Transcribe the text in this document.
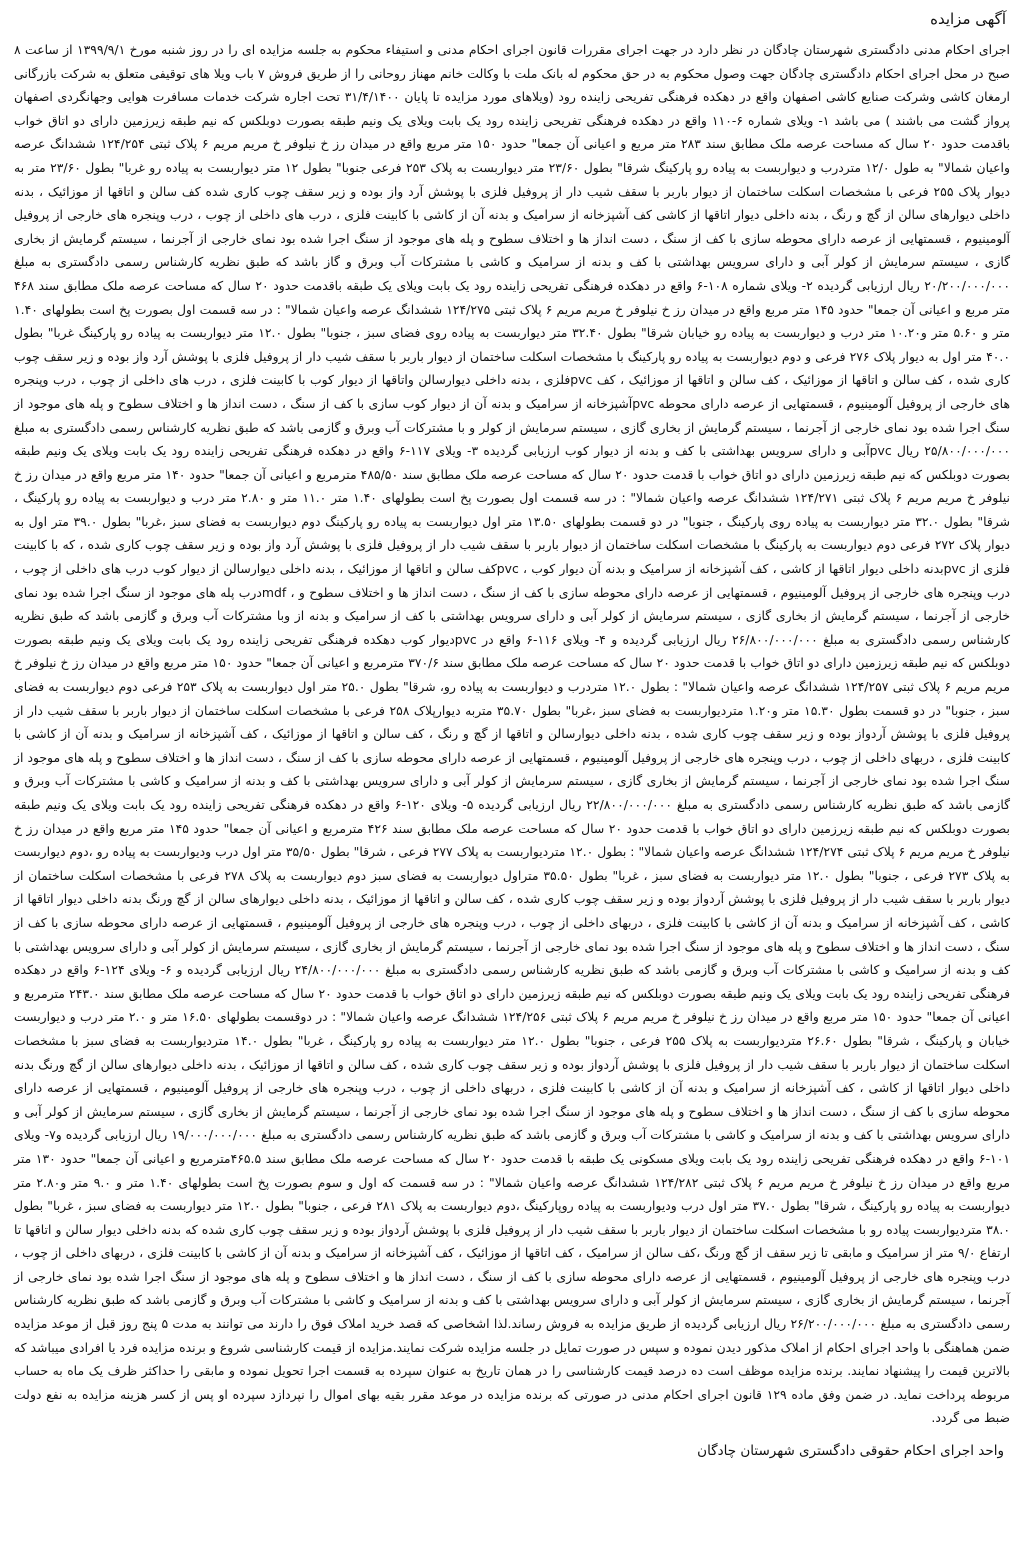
آگهی مزایده

اجرای احکام مدنی دادگستری شهرستان چادگان در نظر دارد در جهت اجرای مقررات قانون اجرای احکام مدنی و استیفاء محکوم به جلسه مزایده ای را در روز شنبه مورخ ۱۳۹۹/۹/۱ از ساعت ۸ صبح در محل اجرای احکام دادگستری چادگان جهت وصول محکوم به در حق محکوم له بانک ملت با وکالت خانم مهناز روحانی را از طریق فروش ۷ باب ویلا های توقیفی متعلق به شرکت بازرگانی ارمغان کاشی وشرکت صنایع کاشی اصفهان واقع در دهکده فرهنگی تفریحی زاینده رود (ویلاهای مورد مزایده تا پایان ۳۱/۴/۱۴۰۰ تحت اجاره شرکت خدمات مسافرت هوایی وجهانگردی اصفهان پرواز گشت می باشند ) می باشد ۱- ویلای شماره ۶-۱۱۰ واقع در دهکده فرهنگی تفریحی زاینده رود یک بابت ویلای یک ونیم طبقه بصورت دوبلکس که نیم طبقه زیرزمین دارای دو اتاق خواب باقدمت حدود ۲۰ سال که مساحت عرصه ملک مطابق سند ۲۸۳ متر مربع و اعیانی آن جمعا" حدود ۱۵۰ متر مربع واقع در میدان رز خ نیلوفر خ مریم مریم ۶ پلاک ثبتی ۱۲۴/۲۵۴ ششدانگ عرصه واعیان شمالا" به طول ۱۲/۰ متردرب و دیواربست به پیاده رو پارکینگ شرقا" بطول ۲۳/۶۰ متر دیواربست به پلاک ۲۵۳ فرعی جنوبا" بطول ۱۲ متر دیواربست به پیاده رو غربا" بطول ۲۳/۶۰ متر به دیوار پلاک ۲۵۵ فرعی با مشخصات اسکلت ساختمان از دیوار باربر با سقف شیب دار از پروفیل فلزی با پوشش آرد واز بوده و زیر سقف چوب کاری شده کف سالن و اتاقها از موزائیک ، بدنه داخلی دیوارهای سالن از گچ و رنگ ، بدنه داخلی دیوار اتاقها از کاشی کف آشپزخانه از سرامیک و بدنه آن از کاشی با کابینت فلزی ، درب های داخلی از چوب ، درب وپنجره های خارجی از پروفیل آلومینیوم ، قسمتهایی از عرصه دارای محوطه سازی با کف از سنگ ، دست انداز ها و اختلاف سطوح و پله های موجود از سنگ اجرا شده بود نمای خارجی از آجرنما ، سیستم گرمایش از بخاری گازی ، سیستم سرمایش از کولر آبی و دارای سرویس بهداشتی با کف و بدنه از سرامیک و کاشی با مشترکات آب وبرق و گاز باشد که طبق نظریه کارشناس رسمی دادگستری به مبلغ ۲۰/۲۰۰/۰۰۰/۰۰۰ ریال ارزیابی گردیده ۲- ویلای شماره ۱۰۸-۶ واقع در دهکده فرهنگی تفریحی زاینده رود یک بابت ویلای یک طبقه باقدمت حدود ۲۰ سال که مساحت عرصه ملک مطابق سند ۴۶۸ متر مربع و اعیانی آن جمعا" حدود ۱۴۵ متر مربع واقع در میدان رز خ نیلوفر خ مریم مریم ۶ پلاک ثبتی ۱۲۴/۲۷۵ ششدانگ عرصه واعیان شمالا" : در سه قسمت اول بصورت پخ است بطولهای ۱.۴۰ متر و ۵.۶۰ متر و۱۰.۲۰ متر درب و دیواربست به پیاده رو خیابان شرقا" بطول ۳۲.۴۰ متر دیواربست به پیاده روی فضای سبز ، جنوبا" بطول ۱۲.۰ متر دیواربست به پیاده رو پارکینگ غربا" بطول ۴۰.۰ متر اول به دیوار پلاک ۲۷۶ فرعی و دوم دیواربست به پیاده رو پارکینگ با مشخصات اسکلت ساختمان از دیوار باربر با سقف شیب دار از پروفیل فلزی با پوشش آرد واز بوده و زیر سقف چوب کاری شده ، کف سالن و اتاقها از موزائیک ، کف سالن و اتاقها از موزائیک ، کف pvcفلزی ، بدنه داخلی دیوارسالن واتاقها از دیوار کوب با کابینت فلزی ، درب های داخلی از چوب ، درب وپنجره های خارجی از پروفیل آلومینیوم ، قسمتهایی از عرصه دارای محوطه pvcآشپزخانه از سرامیک و بدنه آن از دیوار کوب سازی با کف از سنگ ، دست انداز ها و اختلاف سطوح و پله های موجود از سنگ اجرا شده بود نمای خارجی از آجرنما ، سیستم گرمایش از بخاری گازی ، سیستم سرمایش از کولر و با مشترکات آب وبرق و گازمی باشد که طبق نظریه کارشناس رسمی دادگستری به مبلغ ۲۵/۸۰۰/۰۰۰/۰۰۰ ریال pvcآبی و دارای سرویس بهداشتی با کف و بدنه از دیوار کوب ارزیابی گردیده ۳- ویلای ۱۱۷-۶ واقع در دهکده فرهنگی تفریحی زاینده رود یک بابت ویلای یک ونیم طبقه بصورت دوبلکس که نیم طبقه زیرزمین دارای دو اتاق خواب با قدمت حدود ۲۰ سال که مساحت عرصه ملک مطابق سند ۴۸۵/۵۰ مترمربع و اعیانی آن جمعا" حدود ۱۴۰ متر مربع واقع در میدان رز خ نیلوفر خ مریم مریم ۶ پلاک ثبتی ۱۲۴/۲۷۱ ششدانگ عرصه واعیان شمالا" : در سه قسمت اول بصورت پخ است بطولهای ۱.۴۰ متر ۱۱.۰ متر و ۲.۸۰ متر درب و دیواربست به پیاده رو پارکینگ ، شرقا" بطول ۳۲.۰ متر دیواربست به پیاده روی پارکینگ ، جنوبا" در دو قسمت بطولهای ۱۳.۵۰ متر اول دیواربست به پیاده رو پارکینگ دوم دیواربست به فضای سبز ،غربا" بطول ۳۹.۰ متر اول به دیوار پلاک ۲۷۲ فرعی دوم دیواربست به پارکینگ با مشخصات اسکلت ساختمان از دیوار باربر با سقف شیب دار از پروفیل فلزی با پوشش آرد واز بوده و زیر سقف چوب کاری شده ، که با کابینت فلزی از pvcبدنه داخلی دیوار اتاقها از کاشی ، کف آشپزخانه از سرامیک و بدنه آن دیوار کوب ، pvcکف سالن و اتاقها از موزائیک ، بدنه داخلی دیوارسالن از دیوار کوب درب های داخلی از چوب ، درب وپنجره های خارجی از پروفیل آلومینیوم ، قسمتهایی از عرصه دارای محوطه سازی با کف از سنگ ، دست انداز ها و اختلاف سطوح و ، mdfدرب پله های موجود از سنگ اجرا شده بود نمای خارجی از آجرنما ، سیستم گرمایش از بخاری گازی ، سیستم سرمایش از کولر آبی و دارای سرویس بهداشتی با کف از سرامیک و بدنه از وبا مشترکات آب وبرق و گازمی باشد که طبق نظریه کارشناس رسمی دادگستری به مبلغ ۲۶/۸۰۰/۰۰۰/۰۰۰ ریال ارزیابی گردیده و ۴- ویلای ۱۱۶-۶ واقع در pvcدیوار کوب دهکده فرهنگی تفریحی زاینده رود یک بابت ویلای یک ونیم طبقه بصورت دوبلکس که نیم طبقه زیرزمین دارای دو اتاق خواب با قدمت حدود ۲۰ سال که مساحت عرصه ملک مطابق سند ۳۷۰/۶ مترمربع و اعیانی آن جمعا" حدود ۱۵۰ متر مربع واقع در میدان رز خ نیلوفر خ مریم مریم ۶ پلاک ثبتی ۱۲۴/۲۵۷ ششدانگ عرصه واعیان شمالا" : بطول ۱۲.۰ متردرب و دیواربست به پیاده رو، شرقا" بطول ۲۵.۰ متر اول دیواربست به پلاک ۲۵۳ فرعی دوم دیواربست به فضای سبز ، جنوبا" در دو قسمت بطول ۱۵.۳۰ متر و۱.۲۰ متردیواربست به فضای سبز ،غربا" بطول ۳۵.۷۰ متربه دیوارپلاک ۲۵۸ فرعی با مشخصات اسکلت ساختمان از دیوار باربر با سقف شیب دار از پروفیل فلزی با پوشش آردواز بوده و زیر سقف چوب کاری شده ، بدنه داخلی دیوارسالن و اتاقها از گچ و رنگ ، کف سالن و اتاقها از موزائیک ، کف آشپزخانه از سرامیک و بدنه آن از کاشی با کابینت فلزی ، دربهای داخلی از چوب ، درب وپنجره های خارجی از پروفیل آلومینیوم ، قسمتهایی از عرصه دارای محوطه سازی با کف از سنگ ، دست انداز ها و اختلاف سطوح و پله های موجود از سنگ اجرا شده بود نمای خارجی از آجرنما ، سیستم گرمایش از بخاری گازی ، سیستم سرمایش از کولر آبی و دارای سرویس بهداشتی با کف و بدنه از سرامیک و کاشی با مشترکات آب وبرق و گازمی باشد که طبق نظریه کارشناس رسمی دادگستری به مبلغ ۲۲/۸۰۰/۰۰۰/۰۰۰ ریال ارزیابی گردیده ۵- ویلای ۱۲۰-۶ واقع در دهکده فرهنگی تفریحی زاینده رود یک بابت ویلای یک ونیم طبقه بصورت دوبلکس که نیم طبقه زیرزمین دارای دو اتاق خواب با قدمت حدود ۲۰ سال که مساحت عرصه ملک مطابق سند ۴۲۶ مترمربع و اعیانی آن جمعا" حدود ۱۴۵ متر مربع واقع در میدان رز خ نیلوفر خ مریم مریم ۶ پلاک ثبتی ۱۲۴/۲۷۴ ششدانگ عرصه واعیان شمالا" : بطول ۱۲.۰ متردیواربست به پلاک ۲۷۷ فرعی ، شرقا" بطول ۳۵/۵۰ متر اول درب ودیواربست به پیاده رو ،دوم دیواربست به پلاک ۲۷۳ فرعی ، جنوبا" بطول ۱۲.۰ متر دیواربست به فضای سبز ، غربا" بطول ۳۵.۵۰ متراول دیواربست به فضای سبز دوم دیواربست به پلاک ۲۷۸ فرعی با مشخصات اسکلت ساختمان از دیوار باربر با سقف شیب دار از پروفیل فلزی با پوشش آردواز بوده و زیر سقف چوب کاری شده ، کف سالن و اتاقها از موزائیک ، بدنه داخلی دیوارهای سالن از گچ ورنگ بدنه داخلی دیوار اتاقها از کاشی ، کف آشپزخانه از سرامیک و بدنه آن از کاشی با کابینت فلزی ، دربهای داخلی از چوب ، درب وپنجره های خارجی از پروفیل آلومینیوم ، قسمتهایی از عرصه دارای محوطه سازی با کف از سنگ ، دست انداز ها و اختلاف سطوح و پله های موجود از سنگ اجرا شده بود نمای خارجی از آجرنما ، سیستم گرمایش از بخاری گازی ، سیستم سرمایش از کولر آبی و دارای سرویس بهداشتی با کف و بدنه از سرامیک و کاشی با مشترکات آب وبرق و گازمی باشد که طبق نظریه کارشناس رسمی دادگستری به مبلغ ۲۴/۸۰۰/۰۰۰/۰۰۰ ریال ارزیابی گردیده و ۶- ویلای ۱۲۴-۶ واقع در دهکده فرهنگی تفریحی زاینده رود یک بابت ویلای یک ونیم طبقه بصورت دوبلکس که نیم طبقه زیرزمین دارای دو اتاق خواب با قدمت حدود ۲۰ سال که مساحت عرصه ملک مطابق سند ۲۴۳.۰ مترمربع و اعیانی آن جمعا" حدود ۱۵۰ متر مربع واقع در میدان رز خ نیلوفر خ مریم مریم ۶ پلاک ثبتی ۱۲۴/۲۵۶ ششدانگ عرصه واعیان شمالا" : در دوقسمت بطولهای ۱۶.۵۰ متر و ۲.۰ متر درب و دیواربست خیابان و پارکینگ ، شرقا" بطول ۲۶.۶۰ متردیواربست به پلاک ۲۵۵ فرعی ، جنوبا" بطول ۱۲.۰ متر دیواربست به پیاده رو پارکینگ ، غربا" بطول ۱۴.۰ متردیواربست به فضای سبز با مشخصات اسکلت ساختمان از دیوار باربر با سقف شیب دار از پروفیل فلزی با پوشش آردواز بوده و زیر سقف چوب کاری شده ، کف سالن و اتاقها از موزائیک ، بدنه داخلی دیوارهای سالن از گچ ورنگ بدنه داخلی دیوار اتاقها از کاشی ، کف آشپزخانه از سرامیک و بدنه آن از کاشی با کابینت فلزی ، دربهای داخلی از چوب ، درب وپنجره های خارجی از پروفیل آلومینیوم ، قسمتهایی از عرصه دارای محوطه سازی با کف از سنگ ، دست انداز ها و اختلاف سطوح و پله های موجود از سنگ اجرا شده بود نمای خارجی از آجرنما ، سیستم گرمایش از بخاری گازی ، سیستم سرمایش از کولر آبی و دارای سرویس بهداشتی با کف و بدنه از سرامیک و کاشی با مشترکات آب وبرق و گازمی باشد که طبق نظریه کارشناس رسمی دادگستری به مبلغ ۱۹/۰۰۰/۰۰۰/۰۰۰ ریال ارزیابی گردیده و۷- ویلای ۱۰۱-۶ واقع در دهکده فرهنگی تفریحی زاینده رود یک بابت ویلای مسکونی یک طبقه با قدمت حدود ۲۰ سال که مساحت عرصه ملک مطابق سند ۴۶۵.۵مترمربع و اعیانی آن جمعا" حدود ۱۳۰ متر مربع واقع در میدان رز خ نیلوفر خ مریم مریم ۶ پلاک ثبتی ۱۲۴/۲۸۲ ششدانگ عرصه واعیان شمالا" : در سه قسمت که اول و سوم بصورت پخ است بطولهای ۱.۴۰ متر و ۹.۰ متر و۲.۸۰ متر دیواربست به پیاده رو پارکینگ ، شرقا" بطول ۳۷.۰ متر اول درب ودیواربست به پیاده روپارکینگ ،دوم دیواربست به پلاک ۲۸۱ فرعی ، جنوبا" بطول ۱۲.۰ متر دیواربست به فضای سبز ، غربا" بطول ۳۸.۰ متردیواربست پیاده رو با مشخصات اسکلت ساختمان از دیوار باربر با سقف شیب دار از پروفیل فلزی با پوشش آردواز بوده و زیر سقف چوب کاری شده که بدنه داخلی دیوار سالن و اتاقها تا ارتفاع ۹/۰ متر از سرامیک و مابقی تا زیر سقف از گچ ورنگ ،کف سالن از سرامیک ، کف اتاقها از موزائیک ، کف آشپزخانه از سرامیک و بدنه آن از کاشی با کابینت فلزی ، دربهای داخلی از چوب ، درب وپنجره های خارجی از پروفیل آلومینیوم ، قسمتهایی از عرصه دارای محوطه سازی با کف از سنگ ، دست انداز ها و اختلاف سطوح و پله های موجود از سنگ اجرا شده بود نمای خارجی از آجرنما ، سیستم گرمایش از بخاری گازی ، سیستم سرمایش از کولر آبی و دارای سرویس بهداشتی با کف و بدنه از سرامیک و کاشی با مشترکات آب وبرق و گازمی باشد که طبق نظریه کارشناس رسمی دادگستری به مبلغ ۲۶/۲۰۰/۰۰۰/۰۰۰ ریال ارزیابی گردیده از طریق مزایده به فروش رساند.لذا اشخاصی که قصد خرید املاک فوق را دارند می توانند به مدت ۵ پنج روز قبل از موعد مزایده ضمن هماهنگی با واحد اجرای احکام از املاک مذکور دیدن نموده و سپس در صورت تمایل در جلسه مزایده شرکت نمایند.مزایده از قیمت کارشناسی شروع و برنده مزایده فرد یا افرادی میباشد که بالاترین قیمت را پیشنهاد نمایند. برنده مزایده موظف است ده درصد قیمت کارشناسی را در همان تاریخ به عنوان سپرده به قسمت اجرا تحویل نموده و مابقی را حداکثر ظرف یک ماه به حساب مربوطه پرداخت نماید. در ضمن وفق ماده ۱۲۹ قانون اجرای احکام مدنی در صورتی که برنده مزایده در موعد مقرر بقیه بهای اموال را نپردازد سپرده او پس از کسر هزینه مزایده به نفع دولت ضبط می گردد.

واحد اجرای احکام حقوقی دادگستری شهرستان چادگان
